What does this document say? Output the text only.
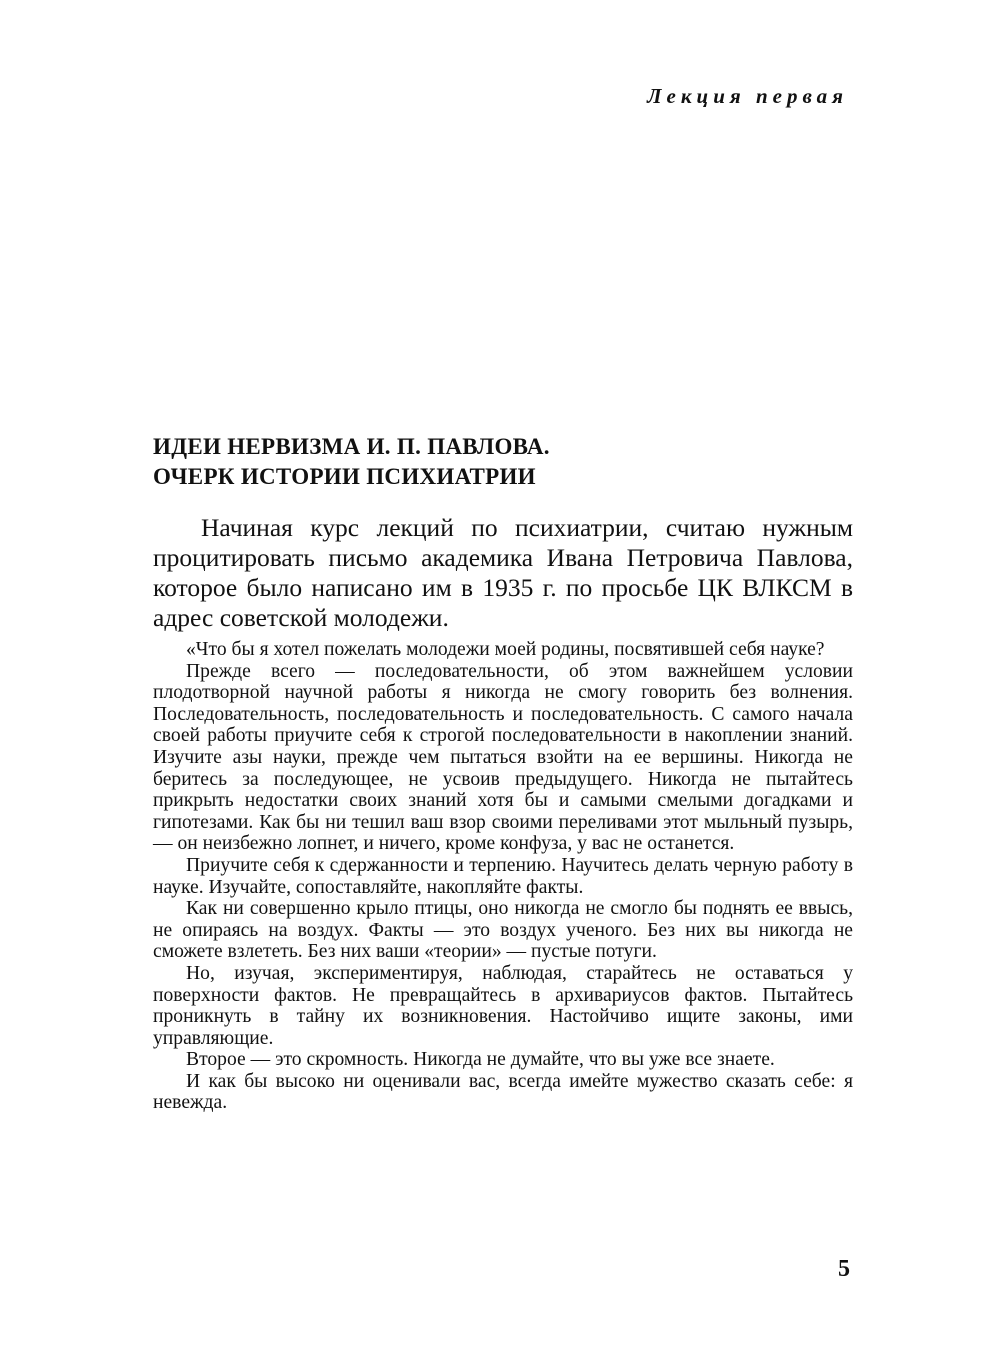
Лекция первая
ИДЕИ НЕРВИЗМА И. П. ПАВЛОВА.
ОЧЕРК ИСТОРИИ ПСИХИАТРИИ
Начиная курс лекций по психиатрии, считаю нужным процитировать письмо академика Ивана Петровича Павлова, которое было написано им в 1935 г. по просьбе ЦК ВЛКСМ в адрес советской молодежи.

«Что бы я хотел пожелать молодежи моей родины, посвятившей себя науке?

Прежде всего — последовательности, об этом важнейшем условии плодотворной научной работы я никогда не смогу говорить без волнения. Последовательность, последовательность и последовательность. С самого начала своей работы приучите себя к строгой последовательности в накоплении знаний. Изучите азы науки, прежде чем пытаться взойти на ее вершины. Никогда не беритесь за последующее, не усвоив предыдущего. Никогда не пытайтесь прикрыть недостатки своих знаний хотя бы и самыми смелыми догадками и гипотезами. Как бы ни тешил ваш взор своими переливами этот мыльный пузырь,— он неизбежно лопнет, и ничего, кроме конфуза, у вас не останется.

Приучите себя к сдержанности и терпению. Научитесь делать черную работу в науке. Изучайте, сопоставляйте, накопляйте факты.

Как ни совершенно крыло птицы, оно никогда не смогло бы поднять ее ввысь, не опираясь на воздух. Факты — это воздух ученого. Без них вы никогда не сможете взлететь. Без них ваши «теории» — пустые потуги.

Но, изучая, экспериментируя, наблюдая, старайтесь не оставаться у поверхности фактов. Не превращайтесь в архивариусов фактов. Пытайтесь проникнуть в тайну их возникновения. Настойчиво ищите законы, ими управляющие.

Второе — это скромность. Никогда не думайте, что вы уже все знаете.

И как бы высоко ни оценивали вас, всегда имейте мужество сказать себе: я невежда.

5
